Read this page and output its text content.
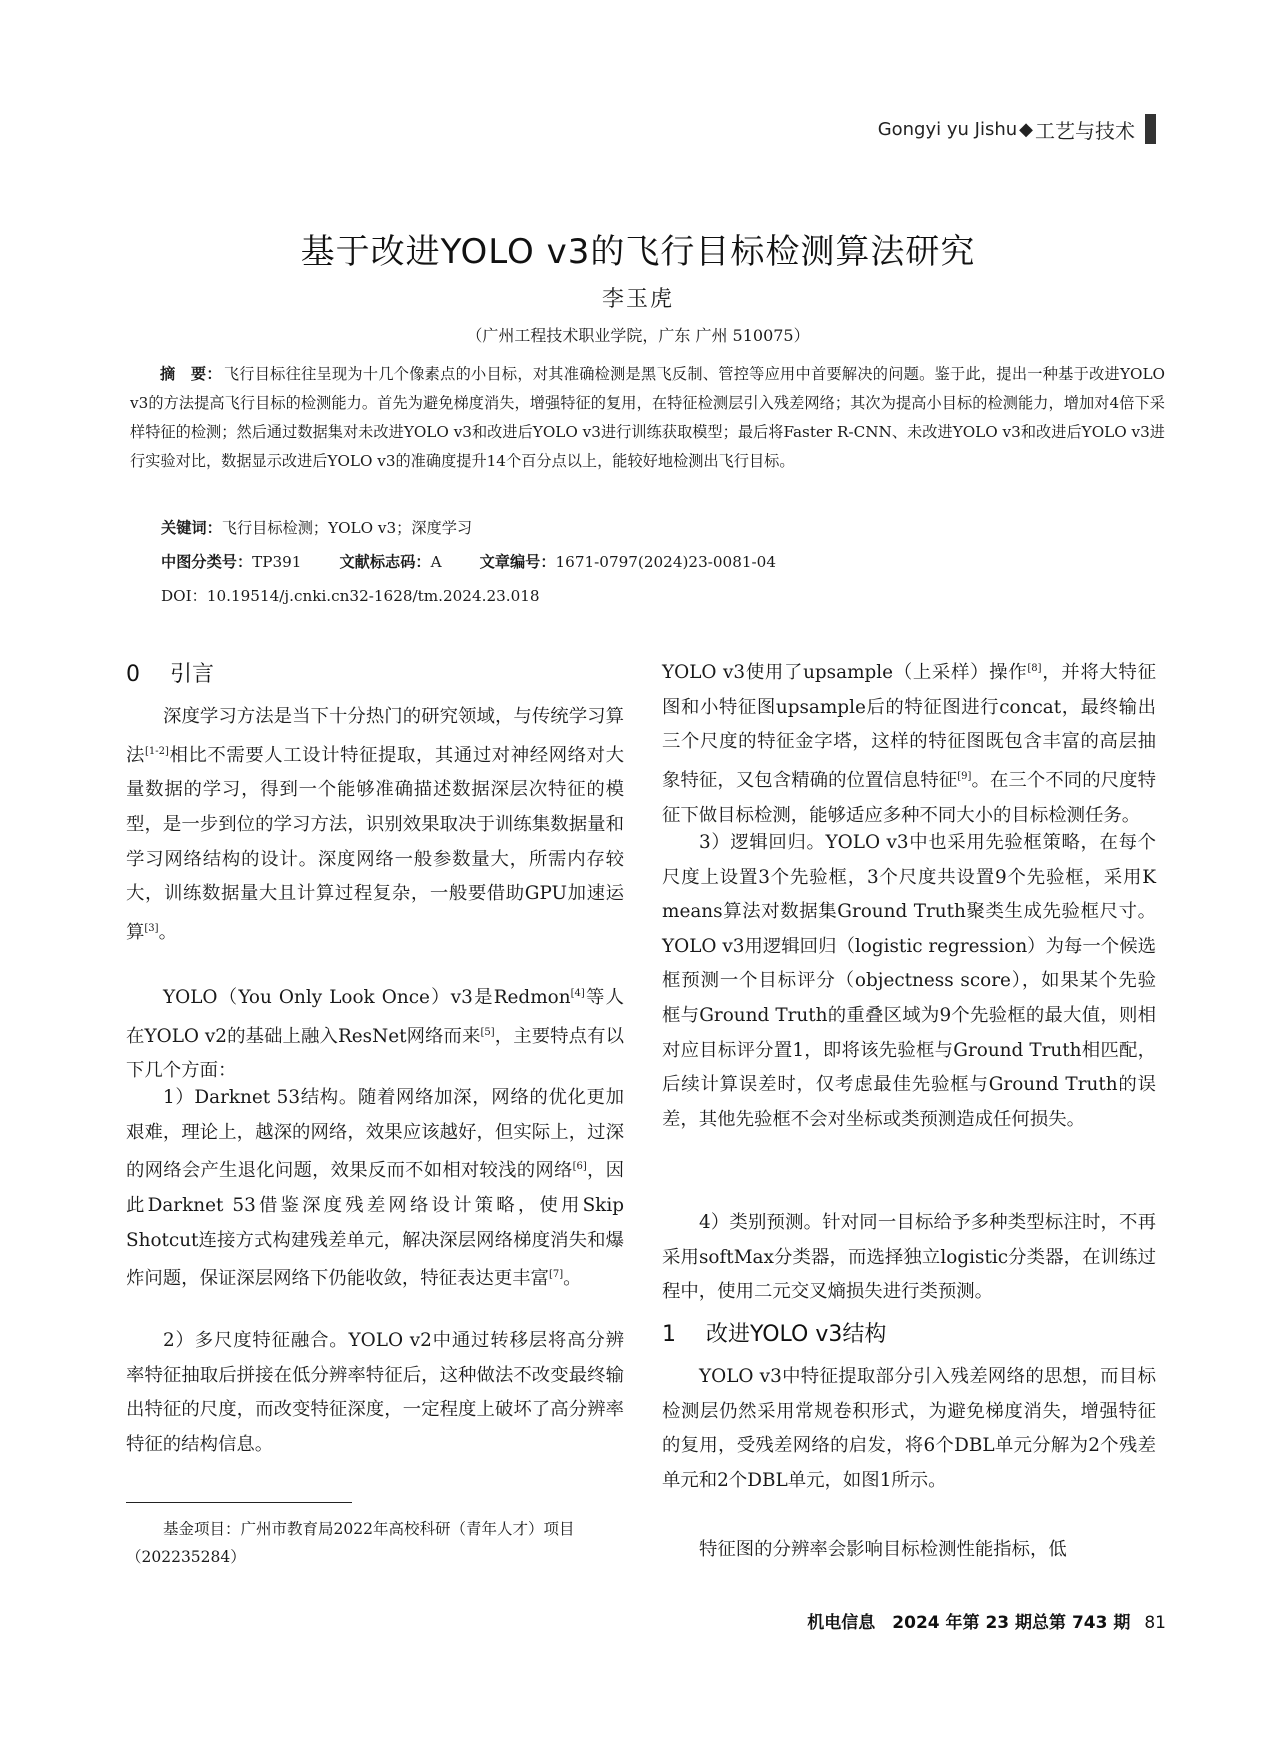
Gongyi yu Jishu ◆ 工艺与技术
基于改进YOLO v3的飞行目标检测算法研究
李玉虎
（广州工程技术职业学院，广东 广州 510075）
摘　要： 飞行目标往往呈现为十几个像素点的小目标，对其准确检测是黑飞反制、管控等应用中首要解决的问题。鉴于此，提出一种基于改进YOLO v3的方法提高飞行目标的检测能力。首先为避免梯度消失，增强特征的复用，在特征检测层引入残差网络；其次为提高小目标的检测能力，增加对4倍下采样特征的检测；然后通过数据集对未改进YOLO v3和改进后YOLO v3进行训练获取模型；最后将Faster R-CNN、未改进YOLO v3和改进后YOLO v3进行实验对比，数据显示改进后YOLO v3的准确度提升14个百分点以上，能较好地检测出飞行目标。
关键词：飞行目标检测；YOLO v3；深度学习
中图分类号：TP391	文献标志码：A	文章编号：1671-0797(2024)23-0081-04
DOI：10.19514/j.cnki.cn32-1628/tm.2024.23.018
0 引言

深度学习方法是当下十分热门的研究领域，与传统学习算法[1-2]相比不需要人工设计特征提取，其通过对神经网络对大量数据的学习，得到一个能够准确描述数据深层次特征的模型，是一步到位的学习方法，识别效果取决于训练集数据量和学习网络结构的设计。深度网络一般参数量大，所需内存较大，训练数据量大且计算过程复杂，一般要借助GPU加速运算[3]。

YOLO（You Only Look Once）v3是Redmon[4]等人在YOLO v2的基础上融入ResNet网络而来[5]，主要特点有以下几个方面：

1）Darknet 53结构。随着网络加深，网络的优化更加艰难，理论上，越深的网络，效果应该越好，但实际上，过深的网络会产生退化问题，效果反而不如相对较浅的网络[6]，因此Darknet 53借鉴深度残差网络设计策略，使用Skip Shotcut连接方式构建残差单元，解决深层网络梯度消失和爆炸问题，保证深层网络下仍能收敛，特征表达更丰富[7]。

2）多尺度特征融合。YOLO v2中通过转移层将高分辨率特征抽取后拼接在低分辨率特征后，这种做法不改变最终输出特征的尺度，而改变特征深度，一定程度上破坏了高分辨率特征的结构信息。

基金项目：广州市教育局2022年高校科研（青年人才）项目（202235284）

YOLO v3使用了upsample（上采样）操作[8]，并将大特征图和小特征图upsample后的特征图进行concat，最终输出三个尺度的特征金字塔，这样的特征图既包含丰富的高层抽象特征，又包含精确的位置信息特征[9]。在三个不同的尺度特征下做目标检测，能够适应多种不同大小的目标检测任务。

3）逻辑回归。YOLO v3中也采用先验框策略，在每个尺度上设置3个先验框，3个尺度共设置9个先验框，采用K means算法对数据集Ground Truth聚类生成先验框尺寸。YOLO v3用逻辑回归（logistic regression）为每一个候选框预测一个目标评分（objectness score），如果某个先验框与Ground Truth的重叠区域为9个先验框的最大值，则相对应目标评分置1，即将该先验框与Ground Truth相匹配，后续计算误差时，仅考虑最佳先验框与Ground Truth的误差，其他先验框不会对坐标或类预测造成任何损失。

4）类别预测。针对同一目标给予多种类型标注时，不再采用softMax分类器，而选择独立logistic分类器，在训练过程中，使用二元交叉熵损失进行类预测。

1 改进YOLO v3结构

YOLO v3中特征提取部分引入残差网络的思想，而目标检测层仍然采用常规卷积形式，为避免梯度消失，增强特征的复用，受残差网络的启发，将6个DBL单元分解为2个残差单元和2个DBL单元，如图1所示。

特征图的分辨率会影响目标检测性能指标，低

机电信息　2024 年第 23 期总第 743 期 81
